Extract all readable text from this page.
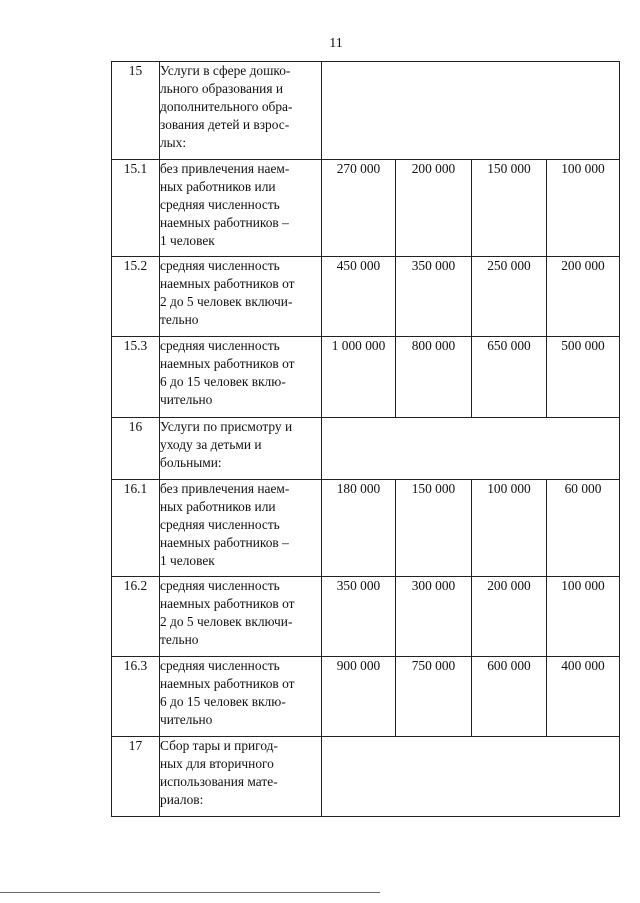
11
15	Услуги в сфере дошко-
льного образования и
дополнительного обра-
зования детей и взрос-
лых:				

15.1	без привлечения наем-
ных работников или
средняя численность
наемных работников –
1 человек	270 000	200 000	150 000	100 000
15.2	средняя численность
наемных работников от
2 до 5 человек включи-
тельно	450 000	350 000	250 000	200 000
15.3	средняя численность
наемных работников от
6 до 15 человек вклю-
чительно	1 000 000	800 000	650 000	500 000
16	Услуги по присмотру и
уходу за детьми и
больными:				

16.1	без привлечения наем-
ных работников или
средняя численность
наемных работников –
1 человек	180 000	150 000	100 000	60 000
16.2	средняя численность
наемных работников от
2 до 5 человек включи-
тельно	350 000	300 000	200 000	100 000
16.3	средняя численность
наемных работников от
6 до 15 человек вклю-
чительно	900 000	750 000	600 000	400 000
17	Сбор тары и пригод-
ных для вторичного
использования мате-
риалов:				
